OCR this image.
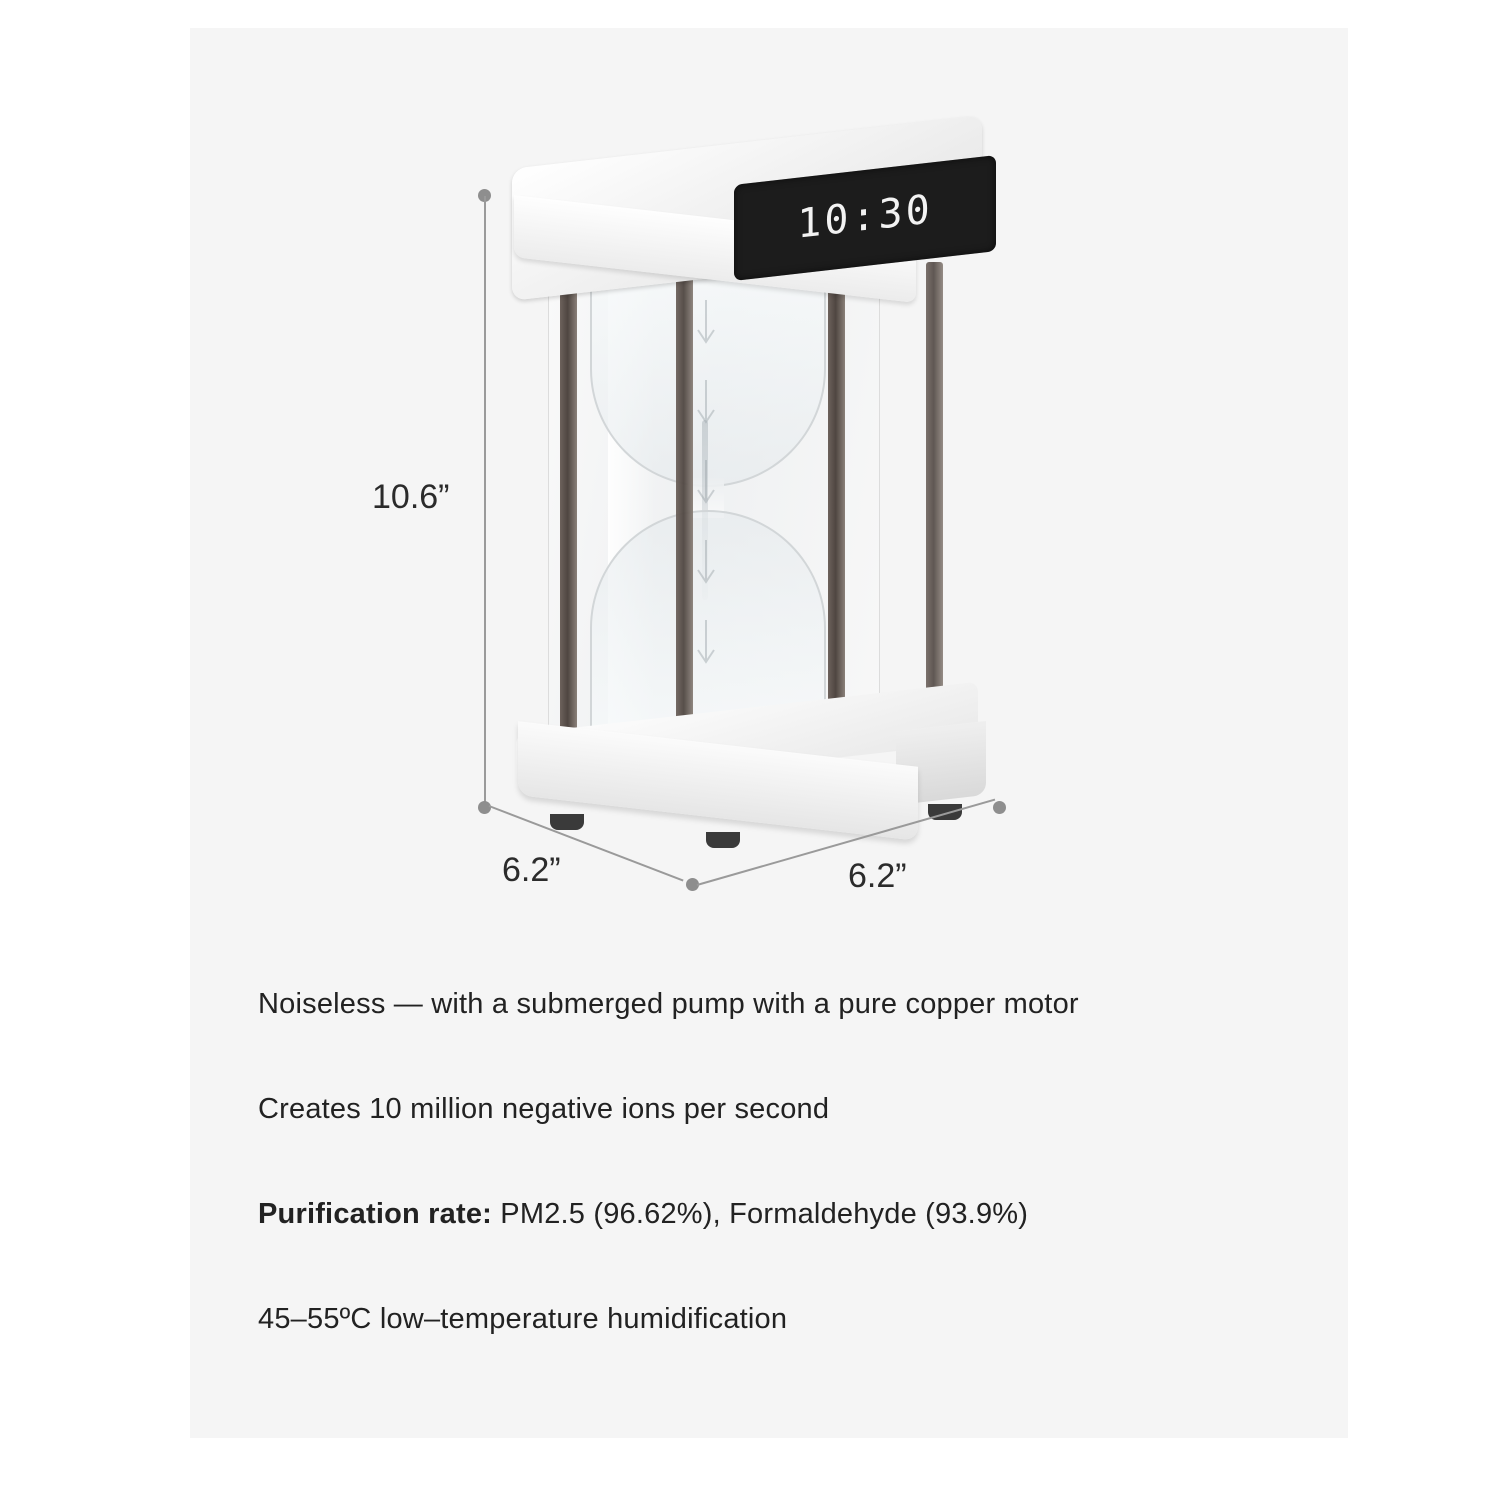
10:30
10.6”
6.2”	6.2”
Noiseless — with a submerged pump with a pure copper motor
Creates 10 million negative ions per second
Purification rate: PM2.5 (96.62%), Formaldehyde (93.9%)
45–55ºC low–temperature humidification
